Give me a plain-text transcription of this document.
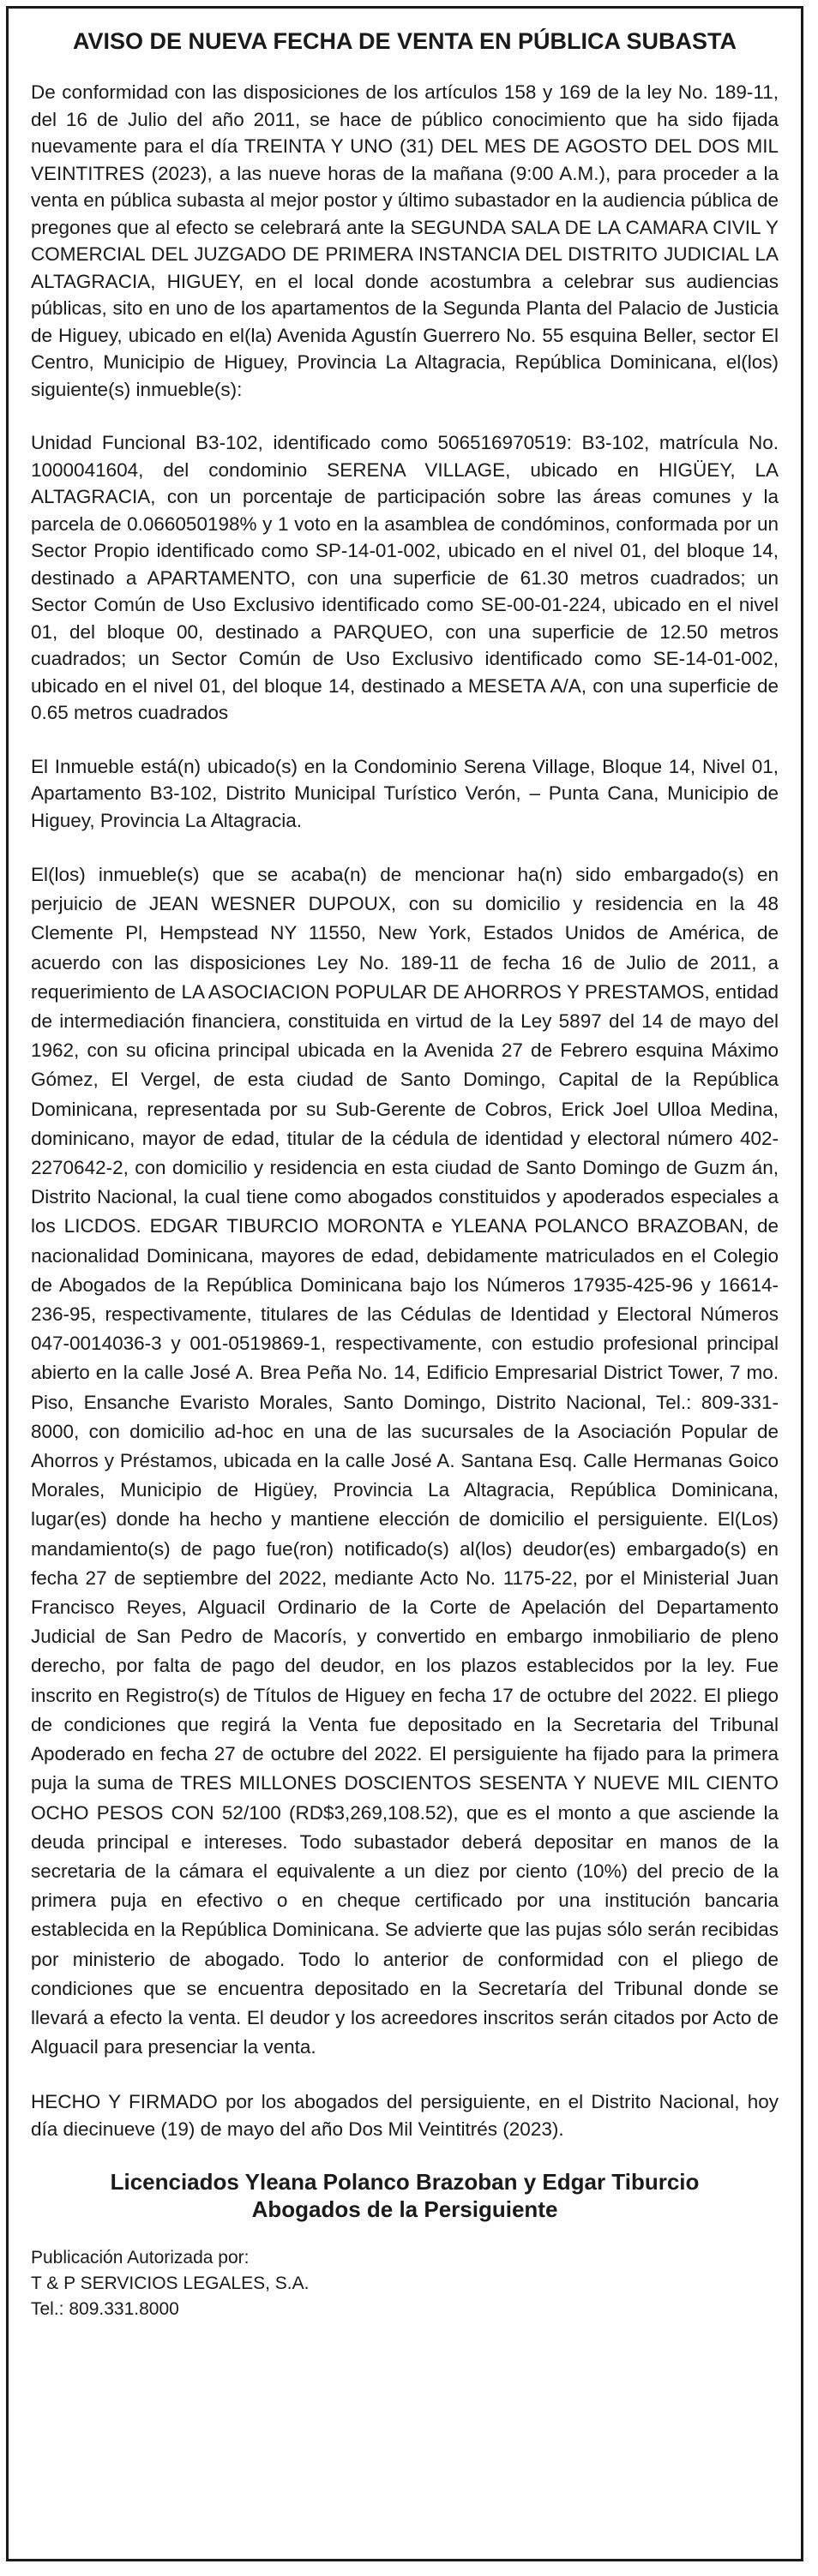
AVISO DE NUEVA FECHA DE VENTA EN PÚBLICA SUBASTA

De conformidad con las disposiciones de los artículos 158 y 169 de la ley No. 189-11, del 16 de Julio del año 2011, se hace de público conocimiento que ha sido fijada nuevamente para el día TREINTA Y UNO (31) DEL MES DE AGOSTO DEL DOS MIL VEINTITRES (2023), a las nueve horas de la mañana (9:00 A.M.), para proceder a la venta en pública subasta al mejor postor y último subastador en la audiencia pública de pregones que al efecto se celebrará ante la SEGUNDA SALA DE LA CAMARA CIVIL Y COMERCIAL DEL JUZGADO DE PRIMERA INSTANCIA DEL DISTRITO JUDICIAL LA ALTAGRACIA, HIGUEY, en el local donde acostumbra a celebrar sus audiencias públicas, sito en uno de los apartamentos de la Segunda Planta del Palacio de Justicia de Higuey, ubicado en el(la) Avenida Agustín Guerrero No. 55 esquina Beller, sector El Centro, Municipio de Higuey, Provincia La Altagracia, República Dominicana, el(los) siguiente(s) inmueble(s):

Unidad Funcional B3-102, identificado como 506516970519: B3-102, matrícula No. 1000041604, del condominio SERENA VILLAGE, ubicado en HIGÜEY, LA ALTAGRACIA, con un porcentaje de participación sobre las áreas comunes y la parcela de 0.066050198% y 1 voto en la asamblea de condóminos, conformada por un Sector Propio identificado como SP-14-01-002, ubicado en el nivel 01, del bloque 14, destinado a APARTAMENTO, con una superficie de 61.30 metros cuadrados; un Sector Común de Uso Exclusivo identificado como SE-00-01-224, ubicado en el nivel 01, del bloque 00, destinado a PARQUEO, con una superficie de 12.50 metros cuadrados; un Sector Común de Uso Exclusivo identificado como SE-14-01-002, ubicado en el nivel 01, del bloque 14, destinado a MESETA A/A, con una superficie de 0.65 metros cuadrados

El Inmueble está(n) ubicado(s) en la Condominio Serena Village, Bloque 14, Nivel 01, Apartamento B3-102, Distrito Municipal Turístico Verón, – Punta Cana, Municipio de Higuey, Provincia La Altagracia.

El(los) inmueble(s) que se acaba(n) de mencionar ha(n) sido embargado(s) en perjuicio de JEAN WESNER DUPOUX, con su domicilio y residencia en la 48 Clemente Pl, Hempstead NY 11550, New York, Estados Unidos de América, de acuerdo con las disposiciones Ley No. 189-11 de fecha 16 de Julio de 2011, a requerimiento de LA ASOCIACION POPULAR DE AHORROS Y PRESTAMOS, entidad de intermediación financiera, constituida en virtud de la Ley 5897 del 14 de mayo del 1962, con su oficina principal ubicada en la Avenida 27 de Febrero esquina Máximo Gómez, El Vergel, de esta ciudad de Santo Domingo, Capital de la República Dominicana, representada por su Sub-Gerente de Cobros, Erick Joel Ulloa Medina, dominicano, mayor de edad, titular de la cédula de identidad y electoral número 402-2270642-2, con domicilio y residencia en esta ciudad de Santo Domingo de Guzm án, Distrito Nacional, la cual tiene como abogados constituidos y apoderados especiales a los LICDOS. EDGAR TIBURCIO MORONTA e YLEANA POLANCO BRAZOBAN, de nacionalidad Dominicana, mayores de edad, debidamente matriculados en el Colegio de Abogados de la República Dominicana bajo los Números 17935-425-96 y 16614-236-95, respectivamente, titulares de las Cédulas de Identidad y Electoral Números 047-0014036-3 y 001-0519869-1, respectivamente, con estudio profesional principal abierto en la calle José A. Brea Peña No. 14, Edificio Empresarial District Tower, 7 mo. Piso, Ensanche Evaristo Morales, Santo Domingo, Distrito Nacional, Tel.: 809-331-8000, con domicilio ad-hoc en una de las sucursales de la Asociación Popular de Ahorros y Préstamos, ubicada en la calle José A. Santana Esq. Calle Hermanas Goico Morales, Municipio de Higüey, Provincia La Altagracia, República Dominicana, lugar(es) donde ha hecho y mantiene elección de domicilio el persiguiente. El(Los) mandamiento(s) de pago fue(ron) notificado(s) al(los) deudor(es) embargado(s) en fecha 27 de septiembre del 2022, mediante Acto No. 1175-22, por el Ministerial Juan Francisco Reyes, Alguacil Ordinario de la Corte de Apelación del Departamento Judicial de San Pedro de Macorís, y convertido en embargo inmobiliario de pleno derecho, por falta de pago del deudor, en los plazos establecidos por la ley. Fue inscrito en Registro(s) de Títulos de Higuey en fecha 17 de octubre del 2022. El pliego de condiciones que regirá la Venta fue depositado en la Secretaria del Tribunal Apoderado en fecha 27 de octubre del 2022. El persiguiente ha fijado para la primera puja la suma de TRES MILLONES DOSCIENTOS SESENTA Y NUEVE MIL CIENTO OCHO PESOS CON 52/100 (RD$3,269,108.52), que es el monto a que asciende la deuda principal e intereses. Todo subastador deberá depositar en manos de la secretaria de la cámara el equivalente a un diez por ciento (10%) del precio de la primera puja en efectivo o en cheque certificado por una institución bancaria establecida en la República Dominicana. Se advierte que las pujas sólo serán recibidas por ministerio de abogado. Todo lo anterior de conformidad con el pliego de condiciones que se encuentra depositado en la Secretaría del Tribunal donde se llevará a efecto la venta. El deudor y los acreedores inscritos serán citados por Acto de Alguacil para presenciar la venta.

HECHO Y FIRMADO por los abogados del persiguiente, en el Distrito Nacional, hoy día diecinueve (19) de mayo del año Dos Mil Veintitrés (2023).

Licenciados Yleana Polanco Brazoban y Edgar Tiburcio
Abogados de la Persiguiente
Publicación Autorizada por:
T & P SERVICIOS LEGALES, S.A.
Tel.: 809.331.8000
